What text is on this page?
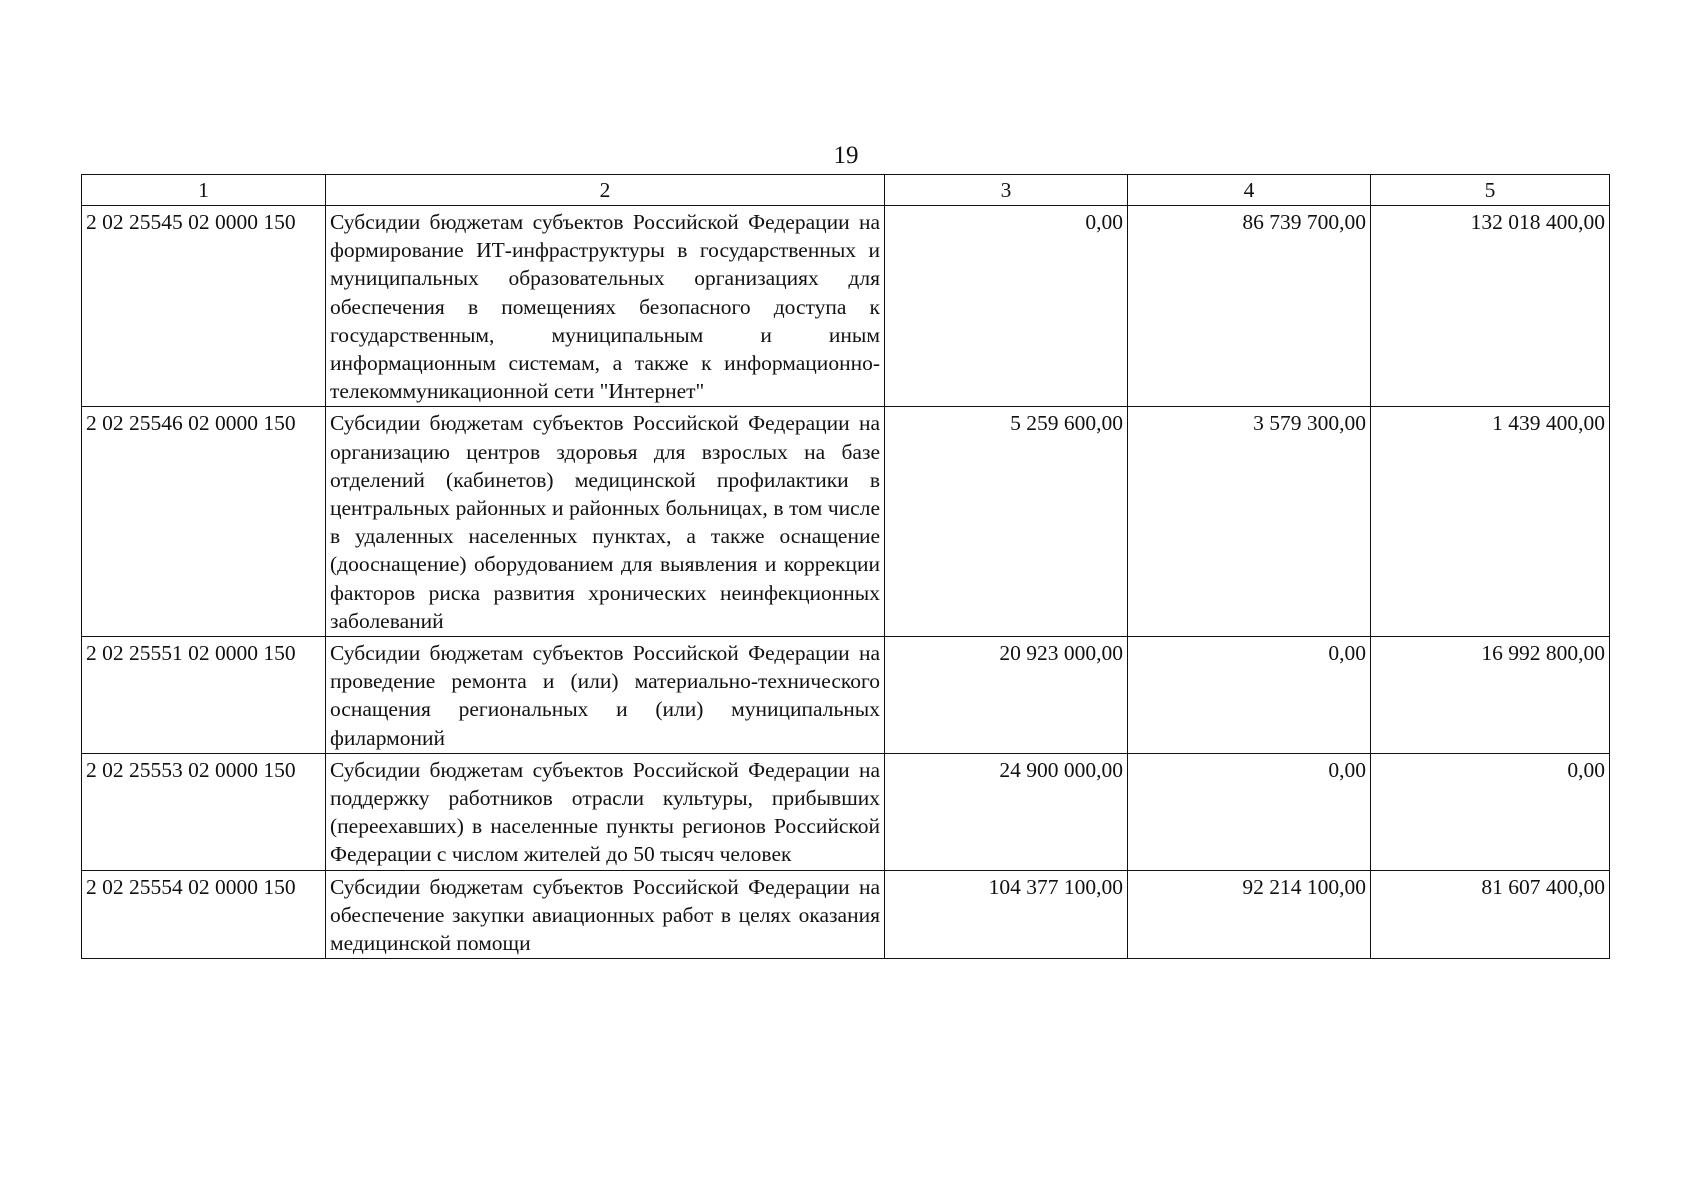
19
1	2	3	4	5
2 02 25545 02 0000 150	Субсидии бюджетам субъектов Российской Федерации на формирование ИТ-инфраструктуры в государственных и муниципальных образовательных организациях для обеспечения в помещениях безопасного доступа к государственным, муниципальным и иным информационным системам, а также к информационно-телекоммуникационной сети "Интернет"	0,00	86 739 700,00	132 018 400,00
2 02 25546 02 0000 150	Субсидии бюджетам субъектов Российской Федерации на организацию центров здоровья для взрослых на базе отделений (кабинетов) медицинской профилактики в центральных районных и районных больницах, в том числе в удаленных населенных пунктах, а также оснащение (дооснащение) оборудованием для выявления и коррекции факторов риска развития хронических неинфекционных заболеваний	5 259 600,00	3 579 300,00	1 439 400,00
2 02 25551 02 0000 150	Субсидии бюджетам субъектов Российской Федерации на проведение ремонта и (или) материально-технического оснащения региональных и (или) муниципальных филармоний	20 923 000,00	0,00	16 992 800,00
2 02 25553 02 0000 150	Субсидии бюджетам субъектов Российской Федерации на поддержку работников отрасли культуры, прибывших (переехавших) в населенные пункты регионов Российской Федерации с числом жителей до 50 тысяч человек	24 900 000,00	0,00	0,00
2 02 25554 02 0000 150	Субсидии бюджетам субъектов Российской Федерации на обеспечение закупки авиационных работ в целях оказания медицинской помощи	104 377 100,00	92 214 100,00	81 607 400,00
